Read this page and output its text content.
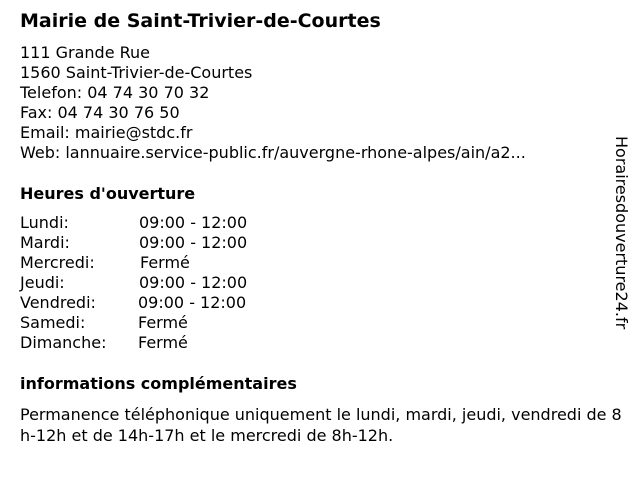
Mairie de Saint-Trivier-de-Courtes
111 Grande Rue
1560 Saint-Trivier-de-Courtes
Telefon: 04 74 30 70 32
Fax: 04 74 30 76 50
Email: mairie@stdc.fr
Web: lannuaire.service-public.fr/auvergne-rhone-alpes/ain/a2...
Heures d'ouverture
Lundi:	09:00 - 12:00
Mardi:	09:00 - 12:00
Mercredi:	Fermé
Jeudi:	09:00 - 12:00
Vendredi:	09:00 - 12:00
Samedi:	Fermé
Dimanche:	Fermé
informations complémentaires
Permanence téléphonique uniquement le lundi, mardi, jeudi, vendredi de 8h-12h et de 14h-17h et le mercredi de 8h-12h.
Horairesdouverture24.fr
